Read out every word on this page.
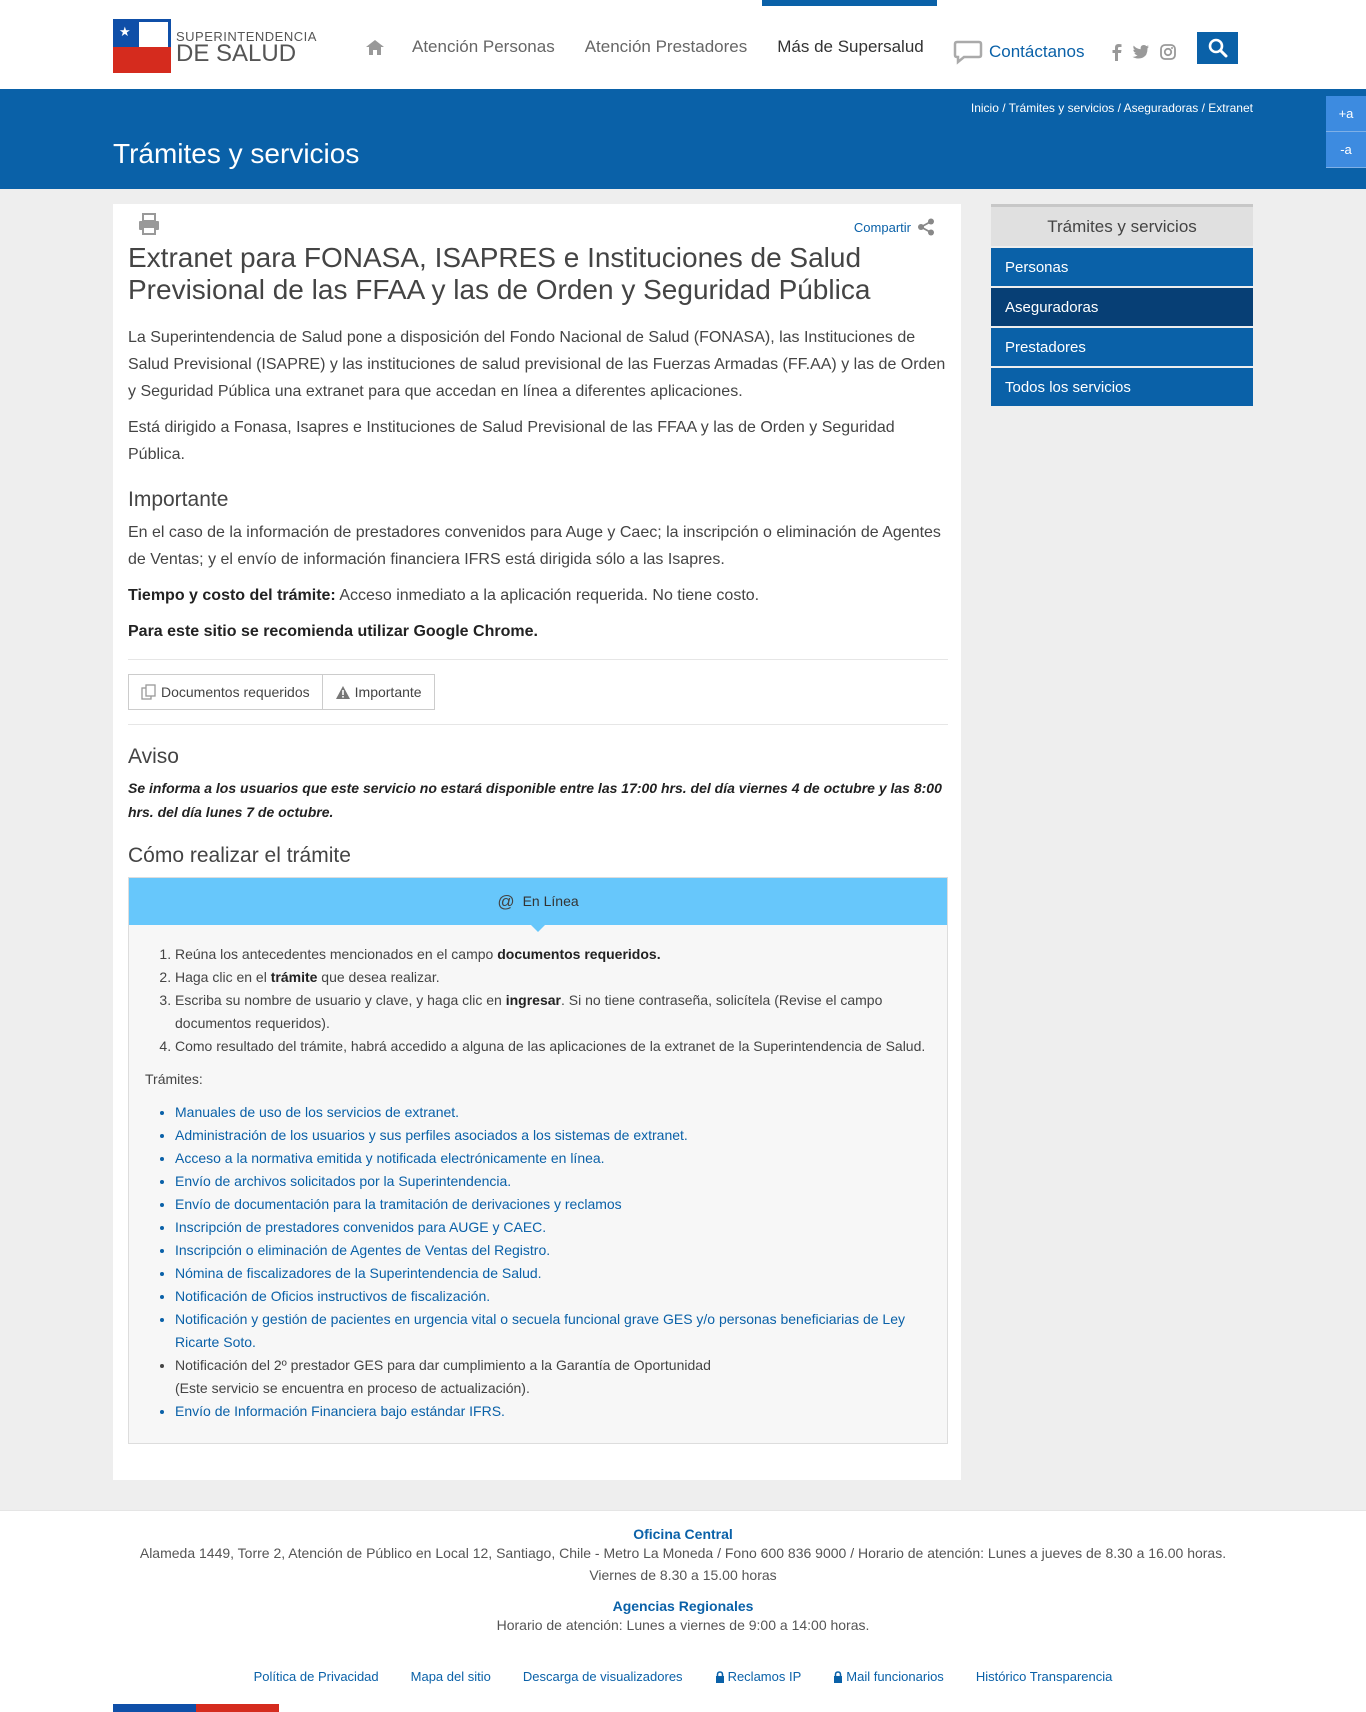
★	SUPERINTENDENCIA
DE SALUD	Atención Personas Atención Prestadores Más de Supersalud	Contáctanos
Inicio / Trámites y servicios / Aseguradoras / Extranet
Trámites y servicios
+a
-a
Compartir
Extranet para FONASA, ISAPRES e Instituciones de Salud Previsional de las FFAA y las de Orden y Seguridad Pública

La Superintendencia de Salud pone a disposición del Fondo Nacional de Salud (FONASA), las Instituciones de Salud Previsional (ISAPRE) y las instituciones de salud previsional de las Fuerzas Armadas (FF.AA) y las de Orden y Seguridad Pública una extranet para que accedan en línea a diferentes aplicaciones.

Está dirigido a Fonasa, Isapres e Instituciones de Salud Previsional de las FFAA y las de Orden y Seguridad Pública.

Importante

En el caso de la información de prestadores convenidos para Auge y Caec; la inscripción o eliminación de Agentes de Ventas; y el envío de información financiera IFRS está dirigida sólo a las Isapres.

Tiempo y costo del trámite: Acceso inmediato a la aplicación requerida. No tiene costo.

Para este sitio se recomienda utilizar Google Chrome.

Documentos requeridos	Importante
Aviso

Se informa a los usuarios que este servicio no estará disponible entre las 17:00 hrs. del día viernes 4 de octubre y las 8:00 hrs. del día lunes 7 de octubre.

Cómo realizar el trámite
@ En Línea
1. Reúna los antecedentes mencionados en el campo documentos requeridos.
2. Haga clic en el trámite que desea realizar.
3. Escriba su nombre de usuario y clave, y haga clic en ingresar. Si no tiene contraseña, solicítela (Revise el campo documentos requeridos).
4. Como resultado del trámite, habrá accedido a alguna de las aplicaciones de la extranet de la Superintendencia de Salud.
Trámites:
• Manuales de uso de los servicios de extranet.
• Administración de los usuarios y sus perfiles asociados a los sistemas de extranet.
• Acceso a la normativa emitida y notificada electrónicamente en línea.
• Envío de archivos solicitados por la Superintendencia.
• Envío de documentación para la tramitación de derivaciones y reclamos
• Inscripción de prestadores convenidos para AUGE y CAEC.
• Inscripción o eliminación de Agentes de Ventas del Registro.
• Nómina de fiscalizadores de la Superintendencia de Salud.
• Notificación de Oficios instructivos de fiscalización.
• Notificación y gestión de pacientes en urgencia vital o secuela funcional grave GES y/o personas beneficiarias de Ley Ricarte Soto.
• Notificación del 2º prestador GES para dar cumplimiento a la Garantía de Oportunidad
(Este servicio se encuentra en proceso de actualización).
• Envío de Información Financiera bajo estándar IFRS.
Trámites y servicios
Personas
Aseguradoras
Prestadores
Todos los servicios
Oficina Central
Alameda 1449, Torre 2, Atención de Público en Local 12, Santiago, Chile - Metro La Moneda / Fono 600 836 9000 / Horario de atención: Lunes a jueves de 8.30 a 16.00 horas.
Viernes de 8.30 a 15.00 horas
Agencias Regionales
Horario de atención: Lunes a viernes de 9:00 a 14:00 horas.
Política de Privacidad Mapa del sitio Descarga de visualizadores	Reclamos IP	Mail funcionarios Histórico Transparencia
